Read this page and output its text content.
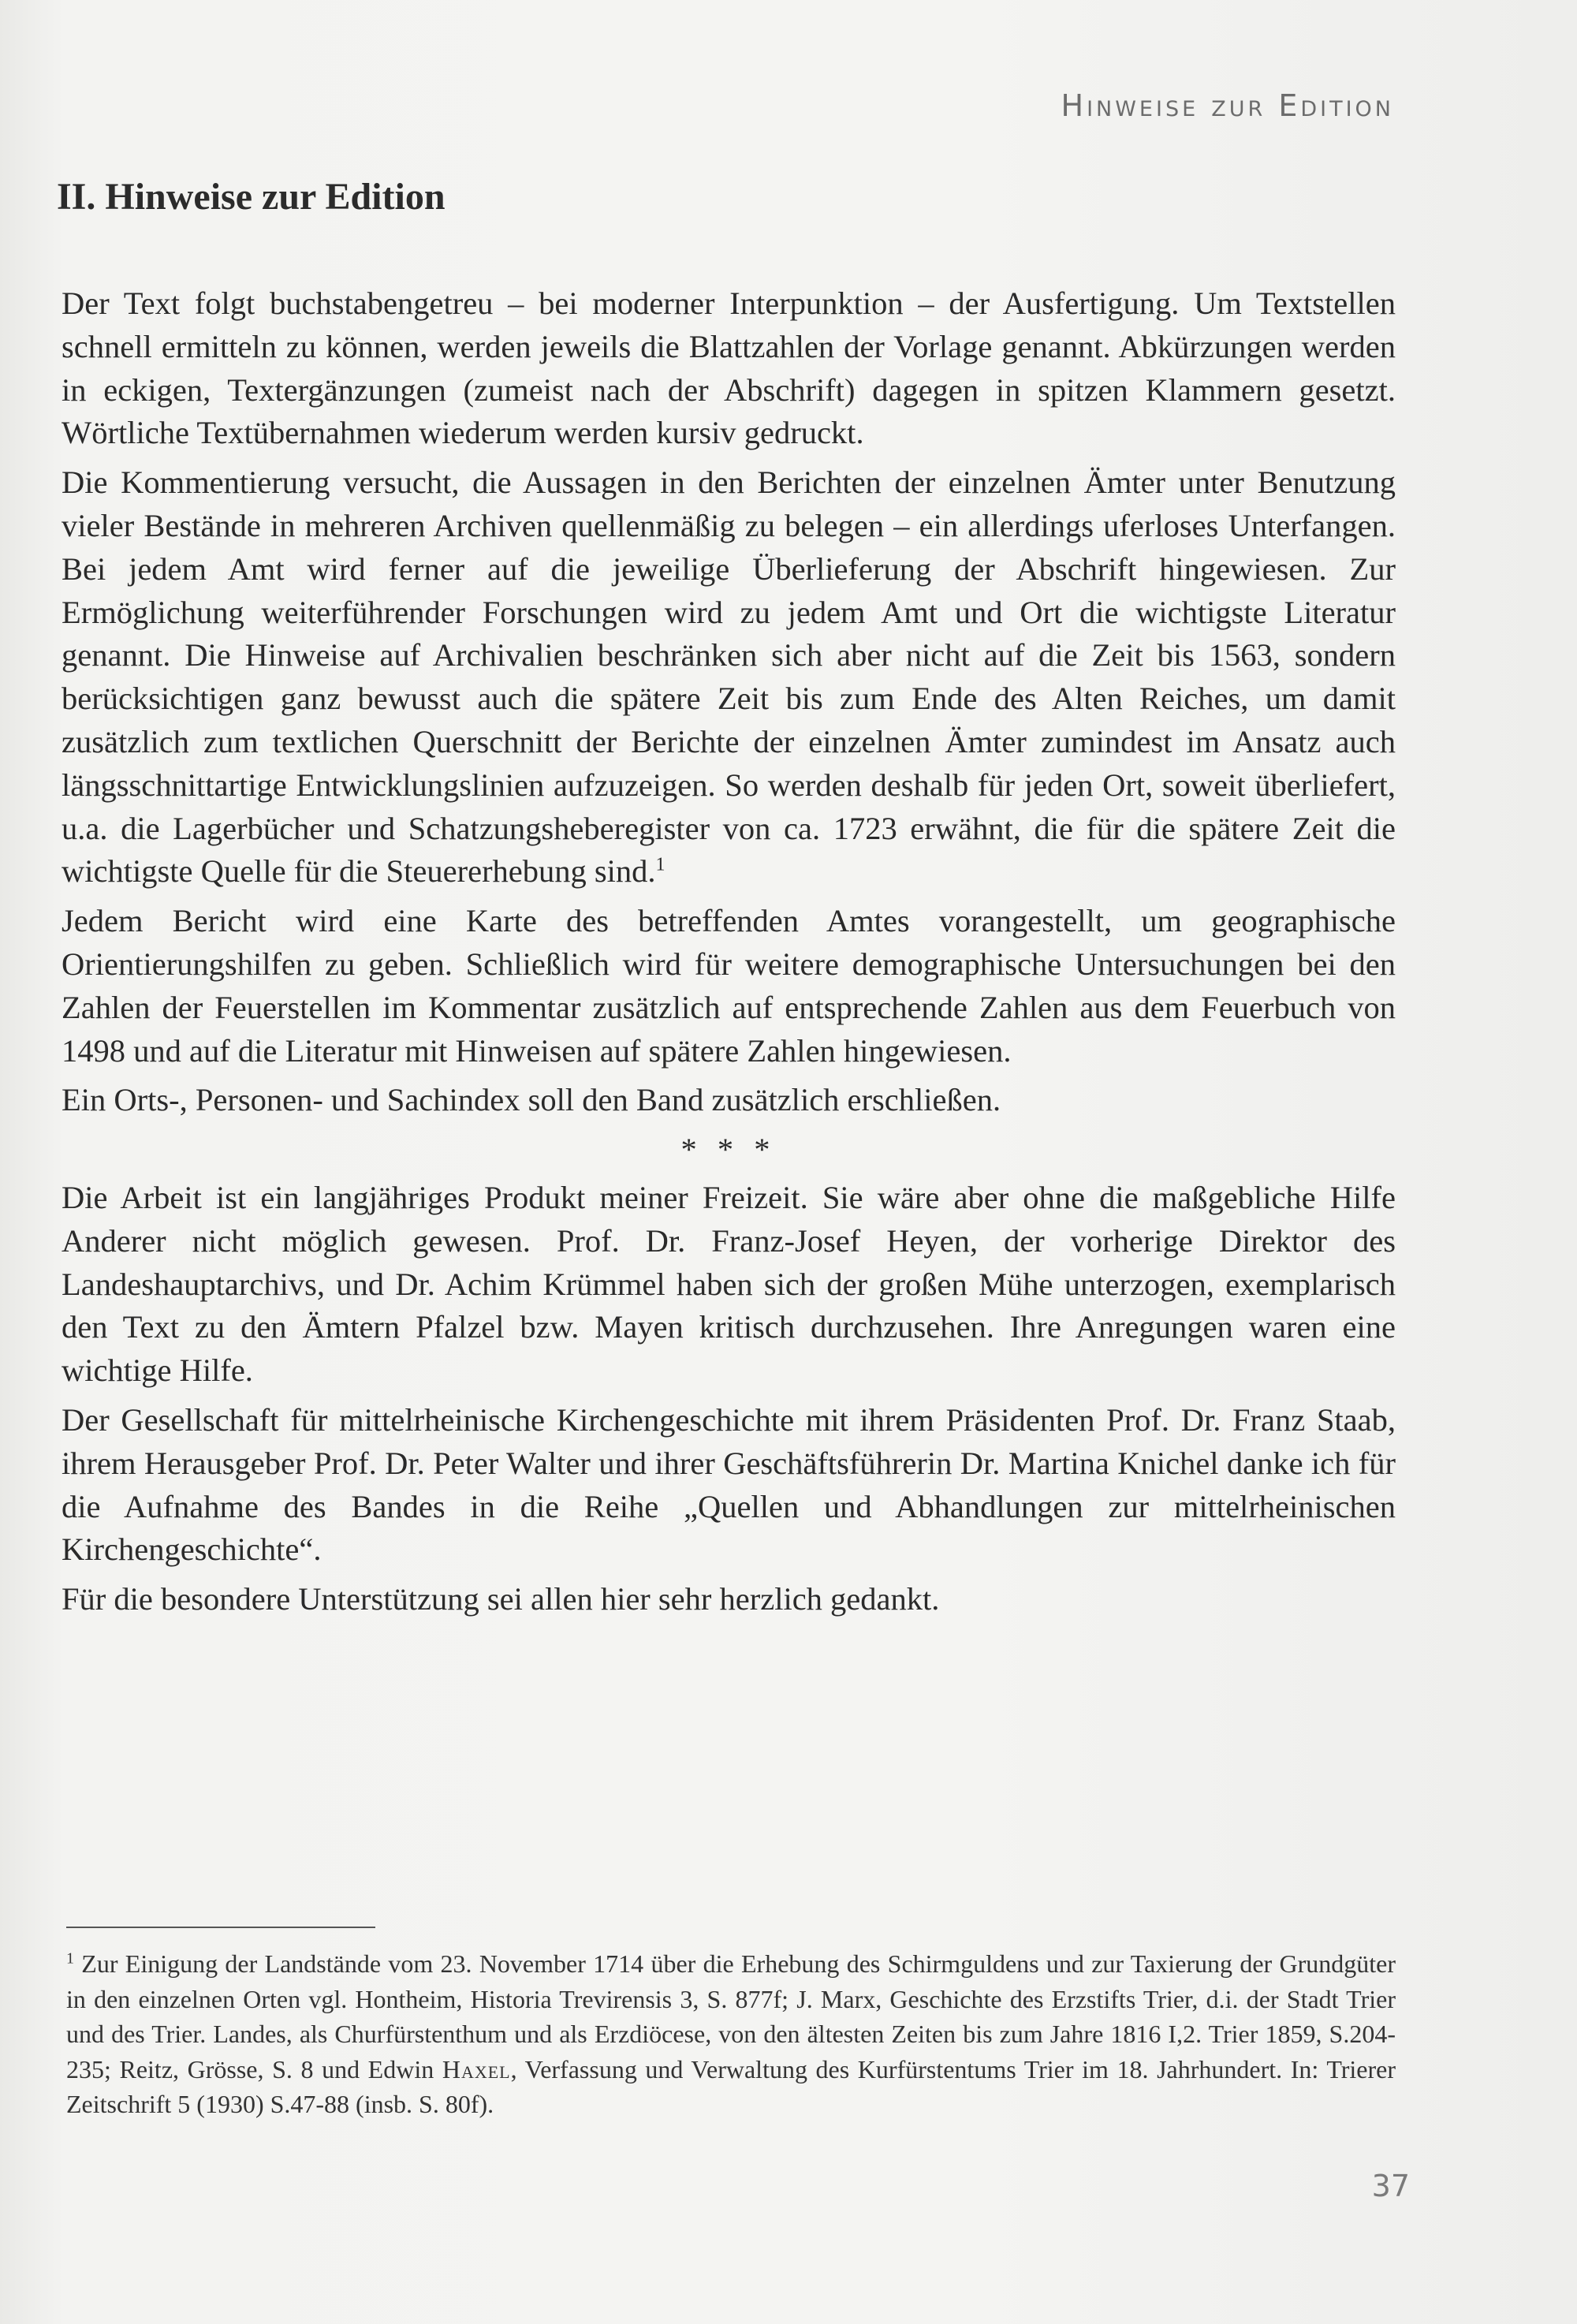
Hinweise zur Edition
II. Hinweise zur Edition

Der Text folgt buchstabengetreu – bei moderner Interpunktion – der Ausfertigung. Um Textstellen schnell ermitteln zu können, werden jeweils die Blattzahlen der Vorlage genannt. Abkürzungen werden in eckigen, Textergänzungen (zumeist nach der Abschrift) dagegen in spitzen Klammern gesetzt. Wörtliche Textübernahmen wiederum werden kursiv gedruckt.

Die Kommentierung versucht, die Aussagen in den Berichten der einzelnen Ämter unter Benutzung vieler Bestände in mehreren Archiven quellenmäßig zu belegen – ein allerdings uferloses Unterfangen. Bei jedem Amt wird ferner auf die jeweilige Überlieferung der Abschrift hingewiesen. Zur Ermöglichung weiterführender Forschungen wird zu jedem Amt und Ort die wichtigste Literatur genannt. Die Hinweise auf Archivalien beschränken sich aber nicht auf die Zeit bis 1563, sondern berücksichtigen ganz bewusst auch die spätere Zeit bis zum Ende des Alten Reiches, um damit zusätzlich zum textlichen Querschnitt der Berichte der einzelnen Ämter zumindest im Ansatz auch längsschnittartige Entwicklungslinien aufzuzeigen. So werden deshalb für jeden Ort, soweit überliefert, u.a. die Lagerbücher und Schatzungsheberegister von ca. 1723 erwähnt, die für die spätere Zeit die wichtigste Quelle für die Steuererhebung sind.$^1$

Jedem Bericht wird eine Karte des betreffenden Amtes vorangestellt, um geographische Orientierungshilfen zu geben. Schließlich wird für weitere demographische Untersuchungen bei den Zahlen der Feuerstellen im Kommentar zusätzlich auf entsprechende Zahlen aus dem Feuerbuch von 1498 und auf die Literatur mit Hinweisen auf spätere Zahlen hingewiesen.

Ein Orts-, Personen- und Sachindex soll den Band zusätzlich erschließen.

* * *

Die Arbeit ist ein langjähriges Produkt meiner Freizeit. Sie wäre aber ohne die maßgebliche Hilfe Anderer nicht möglich gewesen. Prof. Dr. Franz-Josef Heyen, der vorherige Direktor des Landeshauptarchivs, und Dr. Achim Krümmel haben sich der großen Mühe unterzogen, exemplarisch den Text zu den Ämtern Pfalzel bzw. Mayen kritisch durchzusehen. Ihre Anregungen waren eine wichtige Hilfe.

Der Gesellschaft für mittelrheinische Kirchengeschichte mit ihrem Präsidenten Prof. Dr. Franz Staab, ihrem Herausgeber Prof. Dr. Peter Walter und ihrer Geschäftsführerin Dr. Martina Knichel danke ich für die Aufnahme des Bandes in die Reihe „Quellen und Abhandlungen zur mittelrheinischen Kirchengeschichte“.

Für die besondere Unterstützung sei allen hier sehr herzlich gedankt.

$^1$ Zur Einigung der Landstände vom 23. November 1714 über die Erhebung des Schirmguldens und zur Taxierung der Grundgüter in den einzelnen Orten vgl. Hontheim, Historia Trevirensis 3, S. 877f; J. Marx, Geschichte des Erzstifts Trier, d.i. der Stadt Trier und des Trier. Landes, als Churfürstenthum und als Erzdiöcese, von den ältesten Zeiten bis zum Jahre 1816 I,2. Trier 1859, S.204-235; Reitz, Grösse, S. 8 und Edwin Haxel, Verfassung und Verwaltung des Kurfürstentums Trier im 18. Jahrhundert. In: Trierer Zeitschrift 5 (1930) S.47-88 (insb. S. 80f).
37
